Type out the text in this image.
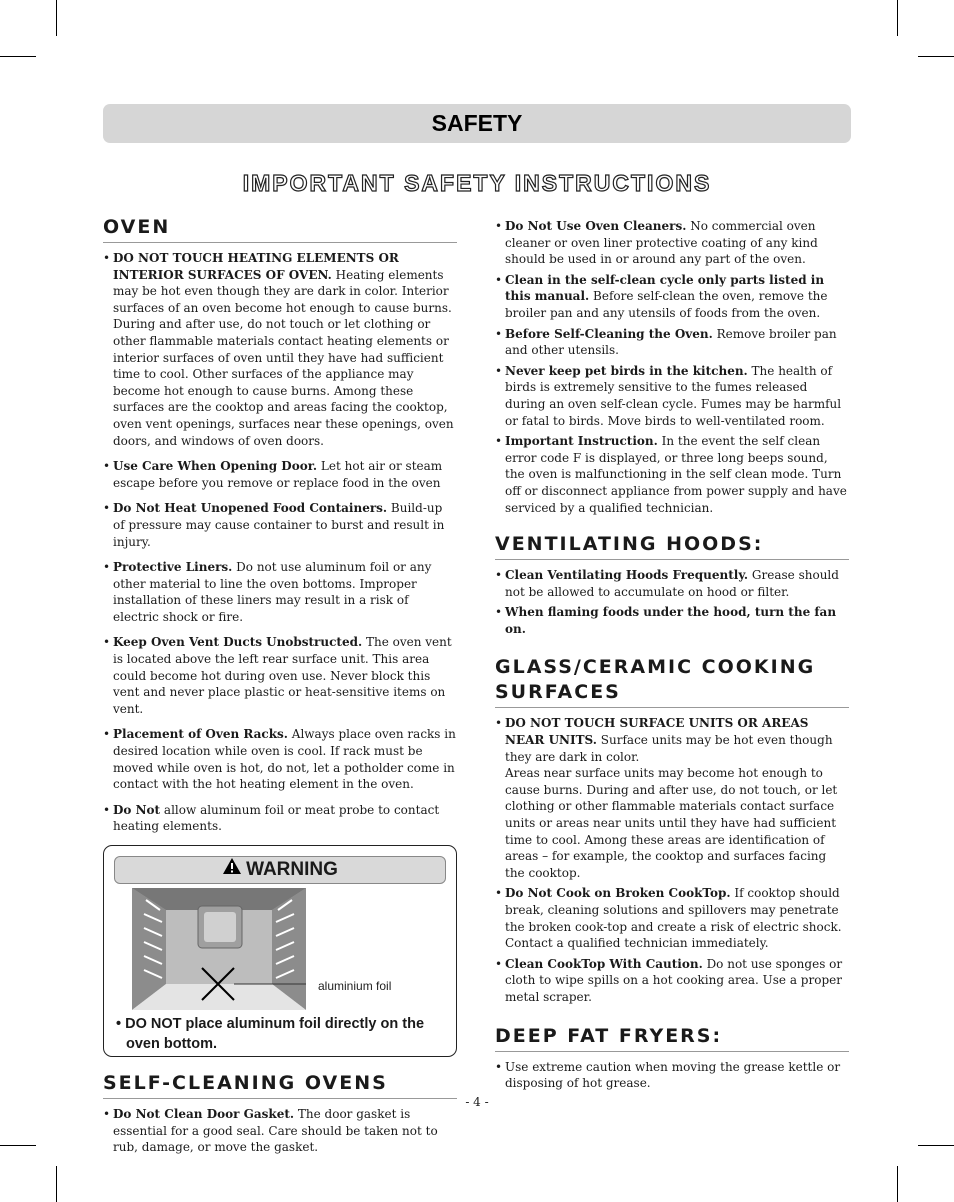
SAFETY
IMPORTANT SAFETY INSTRUCTIONS
OVEN
• DO NOT TOUCH HEATING ELEMENTS OR INTERIOR SURFACES OF OVEN. Heating elements may be hot even though they are dark in color. Interior surfaces of an oven become hot enough to cause burns. During and after use, do not touch or let clothing or other flammable materials contact heating elements or interior surfaces of oven until they have had sufficient time to cool. Other surfaces of the appliance may become hot enough to cause burns. Among these surfaces are the cooktop and areas facing the cooktop, oven vent openings, surfaces near these openings, oven doors, and windows of oven doors.
• Use Care When Opening Door. Let hot air or steam escape before you remove or replace food in the oven
• Do Not Heat Unopened Food Containers. Build-up of pressure may cause container to burst and result in injury.
• Protective Liners. Do not use aluminum foil or any other material to line the oven bottoms. Improper installation of these liners may result in a risk of electric shock or fire.
• Keep Oven Vent Ducts Unobstructed. The oven vent is located above the left rear surface unit. This area could become hot during oven use. Never block this vent and never place plastic or heat-sensitive items on vent.
• Placement of Oven Racks. Always place oven racks in desired location while oven is cool. If rack must be moved while oven is hot, do not, let a potholder come in contact with the hot heating element in the oven.
• Do Not allow aluminum foil or meat probe to contact heating elements.
WARNING
aluminium foil
• DO NOT place aluminum foil directly on the oven bottom.
SELF-CLEANING OVENS
• Do Not Clean Door Gasket. The door gasket is essential for a good seal. Care should be taken not to rub, damage, or move the gasket.
• Do Not Use Oven Cleaners. No commercial oven cleaner or oven liner protective coating of any kind should be used in or around any part of the oven.
• Clean in the self-clean cycle only parts listed in this manual. Before self-clean the oven, remove the broiler pan and any utensils of foods from the oven.
• Before Self-Cleaning the Oven. Remove broiler pan and other utensils.
• Never keep pet birds in the kitchen. The health of birds is extremely sensitive to the fumes released during an oven self-clean cycle. Fumes may be harmful or fatal to birds. Move birds to well-ventilated room.
• Important Instruction. In the event the self clean error code F is displayed, or three long beeps sound, the oven is malfunctioning in the self clean mode. Turn off or disconnect appliance from power supply and have serviced by a qualified technician.
VENTILATING HOODS:
• Clean Ventilating Hoods Frequently. Grease should not be allowed to accumulate on hood or filter.
• When flaming foods under the hood, turn the fan on.
GLASS/CERAMIC COOKING SURFACES
• DO NOT TOUCH SURFACE UNITS OR AREAS NEAR UNITS. Surface units may be hot even though they are dark in color.
Areas near surface units may become hot enough to cause burns. During and after use, do not touch, or let clothing or other flammable materials contact surface units or areas near units until they have had sufficient time to cool. Among these areas are identification of areas – for example, the cooktop and surfaces facing the cooktop.
• Do Not Cook on Broken CookTop. If cooktop should break, cleaning solutions and spillovers may penetrate the broken cook-top and create a risk of electric shock. Contact a qualified technician immediately.
• Clean CookTop With Caution. Do not use sponges or cloth to wipe spills on a hot cooking area. Use a proper metal scraper.
DEEP FAT FRYERS:
• Use extreme caution when moving the grease kettle or disposing of hot grease.
- 4 -
